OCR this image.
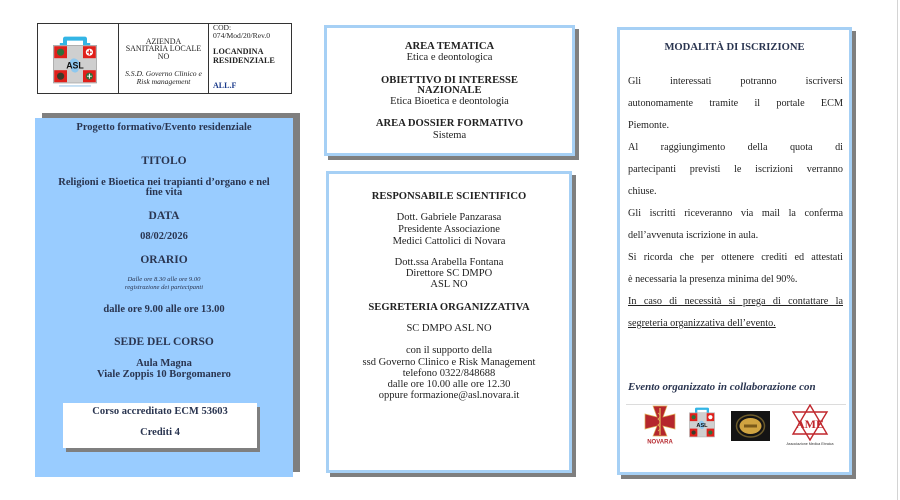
ASL
AZIENDA
SANITARIA LOCALE
NO
S.S.D. Governo Clinico e
Risk management
COD:
074/Mod/20/Rev.0
LOCANDINA
RESIDENZIALE
ALL.F
Progetto formativo/Evento residenziale
TITOLO
Religioni e Bioetica nei trapianti d’organo e nel
fine vita
DATA
08/02/2026
ORARIO
Dalle ore 8.30 alle ore 9.00
registrazione dei partecipanti
dalle ore 9.00 alle ore 13.00
SEDE DEL CORSO
Aula Magna
Viale Zoppis 10 Borgomanero
Corso accreditato ECM 53603
Crediti 4
AREA TEMATICA
Etica e deontologica
OBIETTIVO DI INTERESSE
NAZIONALE
Etica Bioetica e deontologia
AREA DOSSIER FORMATIVO
Sistema
RESPONSABILE SCIENTIFICO
Dott. Gabriele Panzarasa
Presidente Associazione
Medici Cattolici di Novara
Dott.ssa Arabella Fontana
Direttore SC DMPO
ASL NO
SEGRETERIA ORGANIZZATIVA
SC DMPO ASL NO
con il supporto della
ssd Governo Clinico e Risk Management
telefono 0322/848688
dalle ore 10.00 alle ore 12.30
oppure formazione@asl.novara.it
MODALITÀ DI ISCRIZIONE
Gli interessati potranno iscriversi
autonomamente tramite il portale ECM
Piemonte.
Al raggiungimento della quota di
partecipanti previsti le iscrizioni verranno
chiuse.
Gli iscritti riceveranno via mail la conferma
dell’avvenuta iscrizione in aula.
Si ricorda che per ottenere crediti ed attestati
è necessaria la presenza minima del 90%.
In caso di necessità si prega di contattare la
segreteria organizzativa dell’evento.
Evento organizzato in collaborazione con
NOVARA
ASL	AME
Associazione Medica Ebraica
